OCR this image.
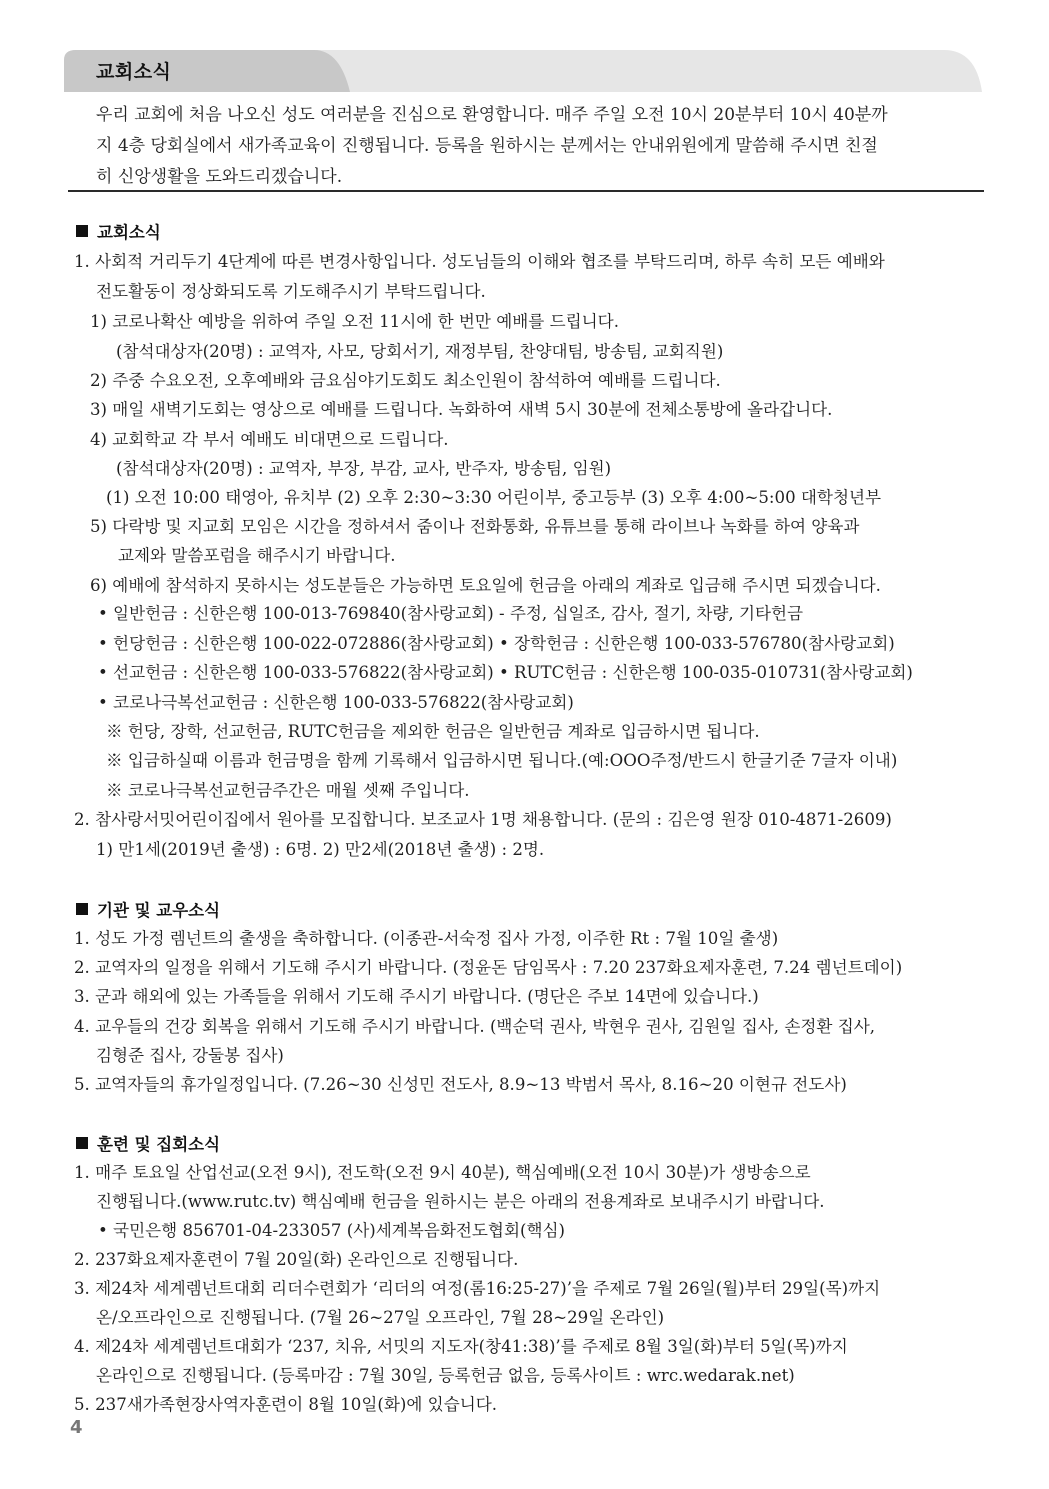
교회소식
우리 교회에 처음 나오신 성도 여러분을 진심으로 환영합니다. 매주 주일 오전 10시 20분부터 10시 40분까
지 4층 당회실에서 새가족교육이 진행됩니다. 등록을 원하시는 분께서는 안내위원에게 말씀해 주시면 친절
히 신앙생활을 도와드리겠습니다.
교회소식
1. 사회적 거리두기 4단계에 따른 변경사항입니다. 성도님들의 이해와 협조를 부탁드리며, 하루 속히 모든 예배와
전도활동이 정상화되도록 기도해주시기 부탁드립니다.
1) 코로나확산 예방을 위하여 주일 오전 11시에 한 번만 예배를 드립니다.
(참석대상자(20명) : 교역자, 사모, 당회서기, 재정부팀, 찬양대팀, 방송팀, 교회직원)
2) 주중 수요오전, 오후예배와 금요심야기도회도 최소인원이 참석하여 예배를 드립니다.
3) 매일 새벽기도회는 영상으로 예배를 드립니다. 녹화하여 새벽 5시 30분에 전체소통방에 올라갑니다.
4) 교회학교 각 부서 예배도 비대면으로 드립니다.
(참석대상자(20명) : 교역자, 부장, 부감, 교사, 반주자, 방송팀, 임원)
(1) 오전 10:00 태영아, 유치부 (2) 오후 2:30~3:30 어린이부, 중고등부 (3) 오후 4:00~5:00 대학청년부
5) 다락방 및 지교회 모임은 시간을 정하셔서 줌이나 전화통화, 유튜브를 통해 라이브나 녹화를 하여 양육과
교제와 말씀포럼을 해주시기 바랍니다.
6) 예배에 참석하지 못하시는 성도분들은 가능하면 토요일에 헌금을 아래의 계좌로 입금해 주시면 되겠습니다.
• 일반헌금 : 신한은행 100-013-769840(참사랑교회) - 주정, 십일조, 감사, 절기, 차량, 기타헌금
• 헌당헌금 : 신한은행 100-022-072886(참사랑교회) • 장학헌금 : 신한은행 100-033-576780(참사랑교회)
• 선교헌금 : 신한은행 100-033-576822(참사랑교회) • RUTC헌금 : 신한은행 100-035-010731(참사랑교회)
• 코로나극복선교헌금 : 신한은행 100-033-576822(참사랑교회)
※ 헌당, 장학, 선교헌금, RUTC헌금을 제외한 헌금은 일반헌금 계좌로 입금하시면 됩니다.
※ 입금하실때 이름과 헌금명을 함께 기록해서 입금하시면 됩니다.(예:OOO주정/반드시 한글기준 7글자 이내)
※ 코로나극복선교헌금주간은 매월 셋째 주입니다.
2. 참사랑서밋어린이집에서 원아를 모집합니다. 보조교사 1명 채용합니다. (문의 : 김은영 원장 010-4871-2609)
1) 만1세(2019년 출생) : 6명. 2) 만2세(2018년 출생) : 2명.
기관 및 교우소식
1. 성도 가정 렘넌트의 출생을 축하합니다. (이종관-서숙정 집사 가정, 이주한 Rt : 7월 10일 출생)
2. 교역자의 일정을 위해서 기도해 주시기 바랍니다. (정윤돈 담임목사 : 7.20 237화요제자훈련, 7.24 렘넌트데이)
3. 군과 해외에 있는 가족들을 위해서 기도해 주시기 바랍니다. (명단은 주보 14면에 있습니다.)
4. 교우들의 건강 회복을 위해서 기도해 주시기 바랍니다. (백순덕 권사, 박현우 권사, 김원일 집사, 손정환 집사,
김형준 집사, 강둘봉 집사)
5. 교역자들의 휴가일정입니다. (7.26~30 신성민 전도사, 8.9~13 박범서 목사, 8.16~20 이현규 전도사)
훈련 및 집회소식
1. 매주 토요일 산업선교(오전 9시), 전도학(오전 9시 40분), 핵심예배(오전 10시 30분)가 생방송으로
진행됩니다.(www.rutc.tv) 핵심예배 헌금을 원하시는 분은 아래의 전용계좌로 보내주시기 바랍니다.
• 국민은행 856701-04-233057 (사)세계복음화전도협회(핵심)
2. 237화요제자훈련이 7월 20일(화) 온라인으로 진행됩니다.
3. 제24차 세계렘넌트대회 리더수련회가 ‘리더의 여정(롬16:25-27)’을 주제로 7월 26일(월)부터 29일(목)까지
온/오프라인으로 진행됩니다. (7월 26~27일 오프라인, 7월 28~29일 온라인)
4. 제24차 세계렘넌트대회가 ‘237, 치유, 서밋의 지도자(창41:38)’를 주제로 8월 3일(화)부터 5일(목)까지
온라인으로 진행됩니다. (등록마감 : 7월 30일, 등록헌금 없음, 등록사이트 : wrc.wedarak.net)
5. 237새가족현장사역자훈련이 8월 10일(화)에 있습니다.
4
